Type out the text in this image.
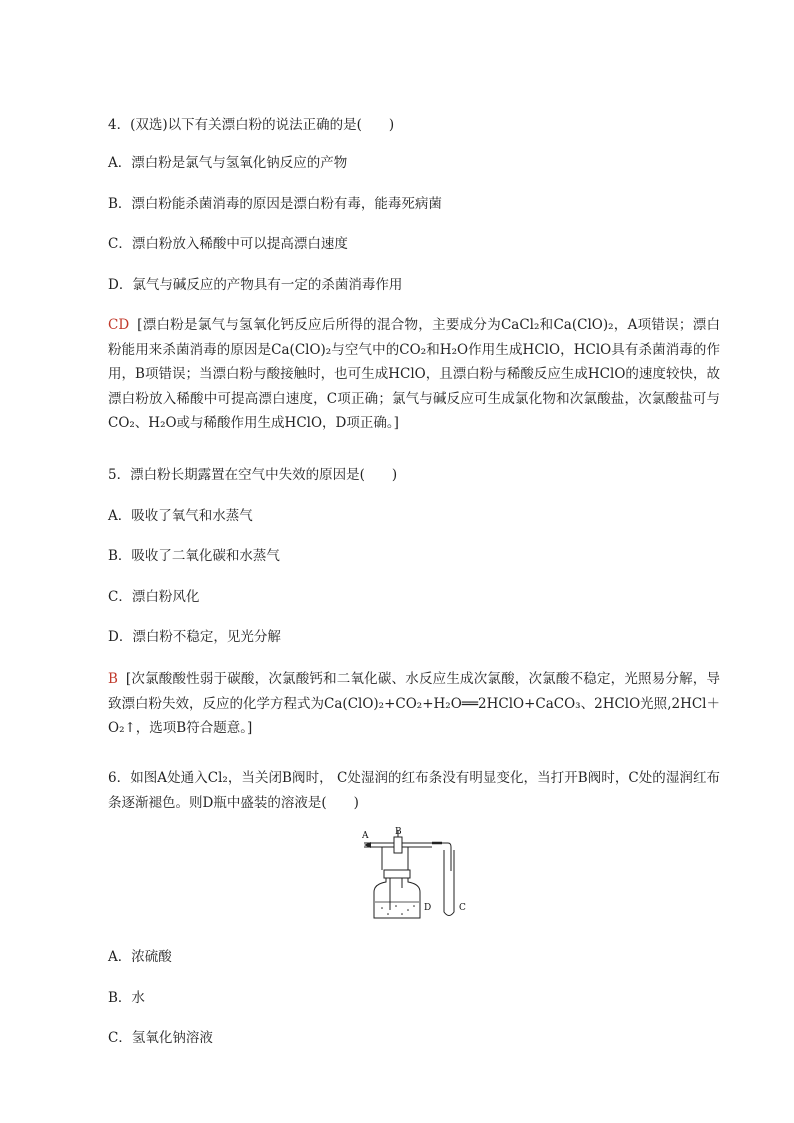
4．(双选)以下有关漂白粉的说法正确的是(　　)
A．漂白粉是氯气与氢氧化钠反应的产物
B．漂白粉能杀菌消毒的原因是漂白粉有毒，能毒死病菌
C．漂白粉放入稀酸中可以提高漂白速度
D．氯气与碱反应的产物具有一定的杀菌消毒作用
CD [漂白粉是氯气与氢氧化钙反应后所得的混合物，主要成分为CaCl₂和Ca(ClO)₂，A项错误；漂白粉能用来杀菌消毒的原因是Ca(ClO)₂与空气中的CO₂和H₂O作用生成HClO，HClO具有杀菌消毒的作用，B项错误；当漂白粉与酸接触时，也可生成HClO，且漂白粉与稀酸反应生成HClO的速度较快，故漂白粉放入稀酸中可提高漂白速度，C项正确；氯气与碱反应可生成氯化物和次氯酸盐，次氯酸盐可与CO₂、H₂O或与稀酸作用生成HClO，D项正确。]
5．漂白粉长期露置在空气中失效的原因是(　　)
A．吸收了氧气和水蒸气
B．吸收了二氧化碳和水蒸气
C．漂白粉风化
D．漂白粉不稳定，见光分解
B [次氯酸酸性弱于碳酸，次氯酸钙和二氧化碳、水反应生成次氯酸，次氯酸不稳定，光照易分解，导致漂白粉失效，反应的化学方程式为Ca(ClO)₂+CO₂+H₂O══2HClO+CaCO₃、2HClO光照,2HCl＋O₂↑，选项B符合题意。]
6．如图A处通入Cl₂，当关闭B阀时， C处湿润的红布条没有明显变化，当打开B阀时，C处的湿润红布条逐渐褪色。则D瓶中盛装的溶液是(　　)
A	B
D	C
A．浓硫酸
B．水
C．氢氧化钠溶液
